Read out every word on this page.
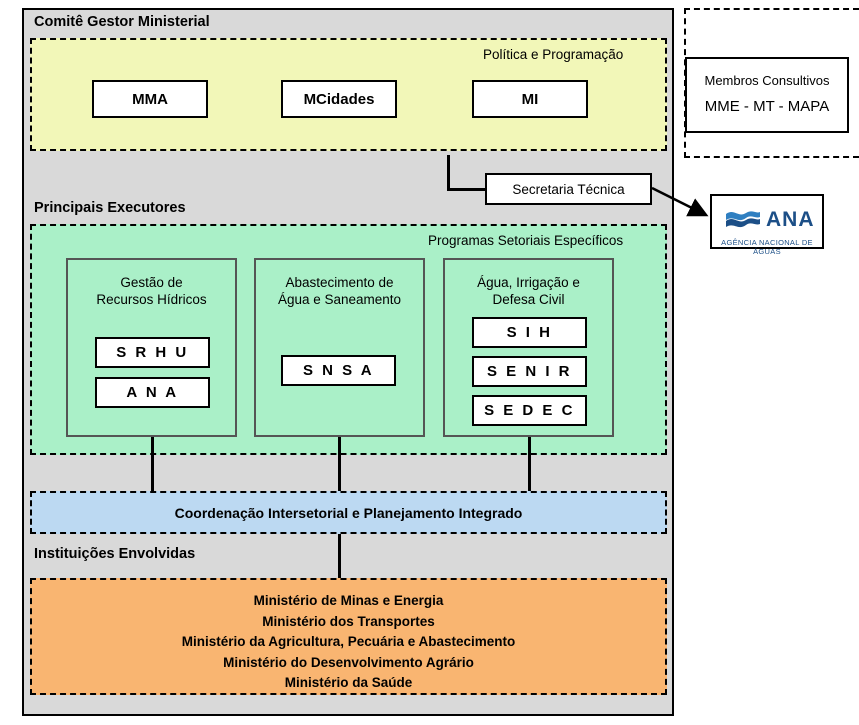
Comitê Gestor Ministerial
Política e Programação
MMA	MCidades	MI
Secretaria Técnica
Principais Executores
Programas Setoriais Específicos
Gestão de
Recursos Hídricos
S R H U
A N A
Abastecimento de
Água e Saneamento
S N S A
Água, Irrigação e
Defesa Civil
S I H
S E N I R
S E D E C
Coordenação Intersetorial e Planejamento Integrado
Instituições Envolvidas
Ministério de Minas e Energia
Ministério dos Transportes
Ministério da Agricultura, Pecuária e Abastecimento
Ministério do Desenvolvimento Agrário
Ministério da Saúde
Membros Consultivos
MME - MT - MAPA
ANA
AGÊNCIA NACIONAL DE ÁGUAS
